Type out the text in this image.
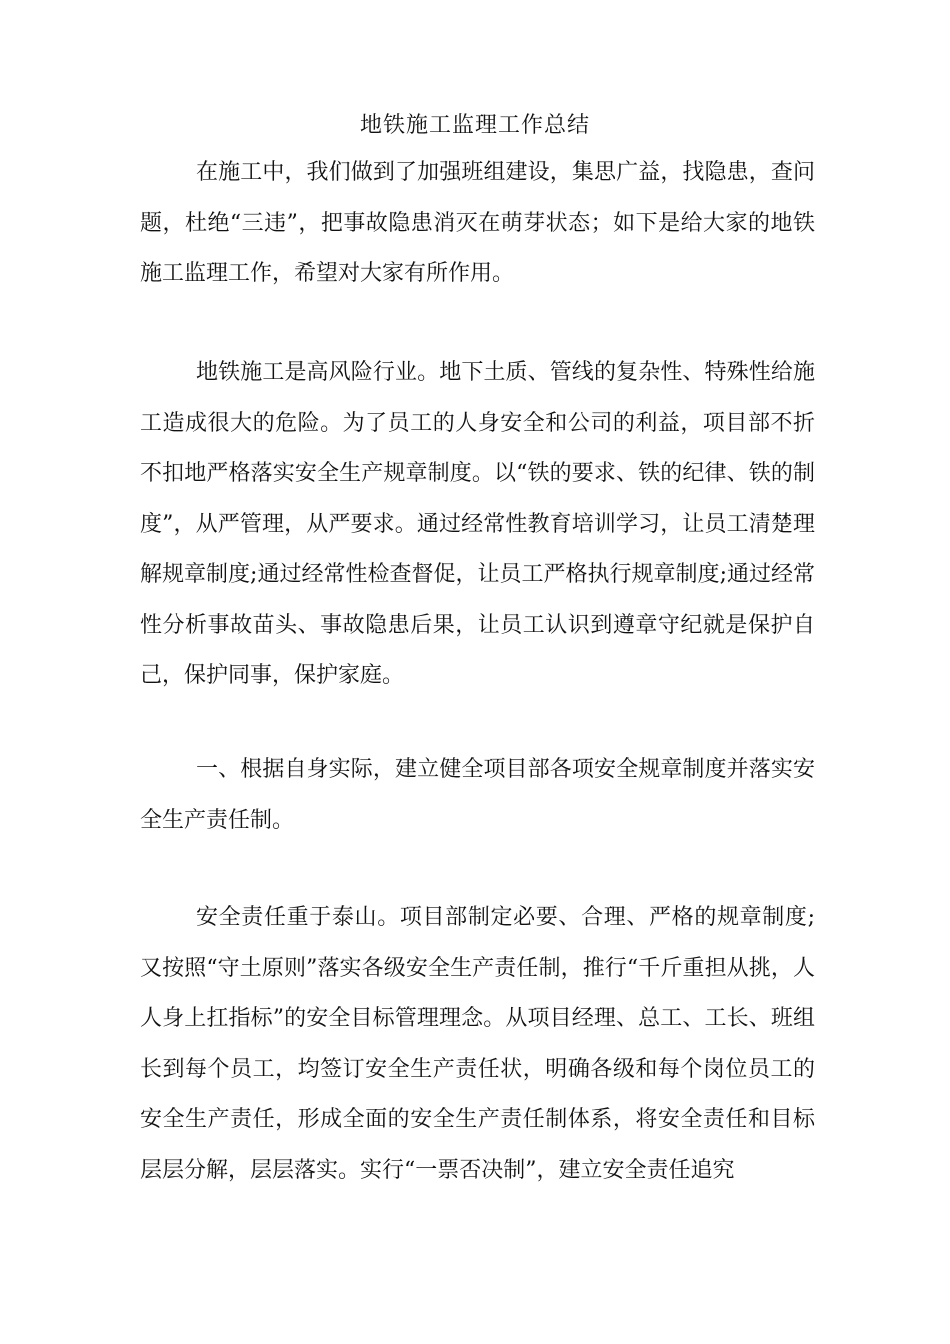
地铁施工监理工作总结

在施工中，我们做到了加强班组建设，集思广益，找隐患，查问题，杜绝“三违”，把事故隐患消灭在萌芽状态；如下是给大家的地铁施工监理工作，希望对大家有所作用。

地铁施工是高风险行业。地下土质、管线的复杂性、特殊性给施工造成很大的危险。为了员工的人身安全和公司的利益，项目部不折不扣地严格落实安全生产规章制度。以“铁的要求、铁的纪律、铁的制度”，从严管理，从严要求。通过经常性教育培训学习，让员工清楚理解规章制度;通过经常性检查督促，让员工严格执行规章制度;通过经常性分析事故苗头、事故隐患后果，让员工认识到遵章守纪就是保护自己，保护同事，保护家庭。

一、根据自身实际，建立健全项目部各项安全规章制度并落实安全生产责任制。

安全责任重于泰山。项目部制定必要、合理、严格的规章制度;又按照“守土原则”落实各级安全生产责任制，推行“千斤重担从挑，人人身上扛指标”的安全目标管理理念。从项目经理、总工、工长、班组长到每个员工，均签订安全生产责任状，明确各级和每个岗位员工的安全生产责任，形成全面的安全生产责任制体系，将安全责任和目标层层分解，层层落实。实行“一票否决制”，建立安全责任追究
